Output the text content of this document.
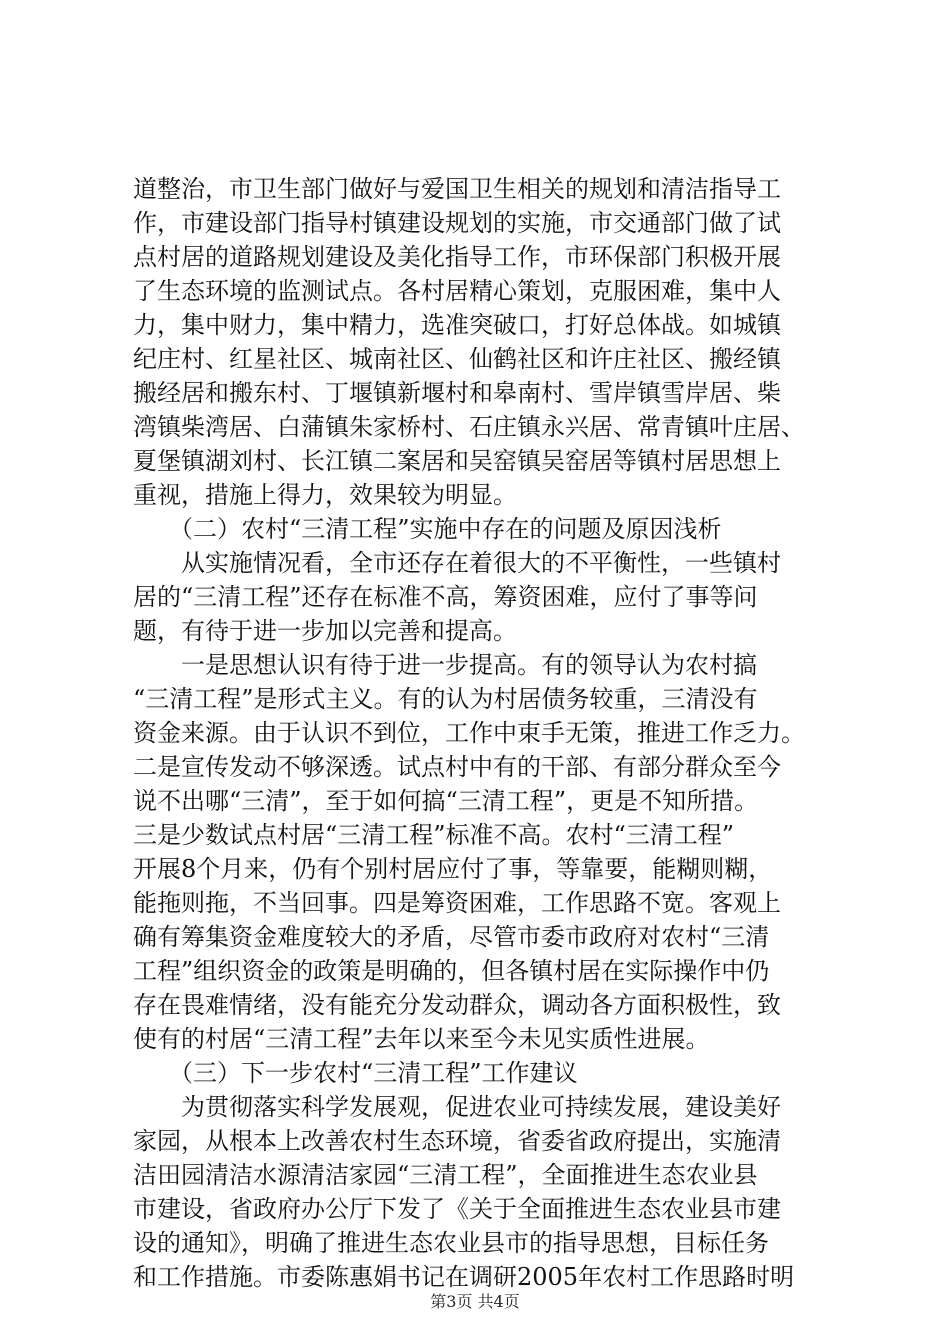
道整治，市卫生部门做好与爱国卫生相关的规划和清洁指导工
作，市建设部门指导村镇建设规划的实施，市交通部门做了试
点村居的道路规划建设及美化指导工作，市环保部门积极开展
了生态环境的监测试点。各村居精心策划，克服困难，集中人
力，集中财力，集中精力，选准突破口，打好总体战。如城镇
纪庄村、红星社区、城南社区、仙鹤社区和许庄社区、搬经镇
搬经居和搬东村、丁堰镇新堰村和皋南村、雪岸镇雪岸居、柴
湾镇柴湾居、白蒲镇朱家桥村、石庄镇永兴居、常青镇叶庄居、
夏堡镇湖刘村、长江镇二案居和吴窑镇吴窑居等镇村居思想上
重视，措施上得力，效果较为明显。
　　（二）农村“三清工程”实施中存在的问题及原因浅析
　　从实施情况看，全市还存在着很大的不平衡性，一些镇村
居的“三清工程”还存在标准不高，筹资困难，应付了事等问
题，有待于进一步加以完善和提高。
　　一是思想认识有待于进一步提高。有的领导认为农村搞
“三清工程”是形式主义。有的认为村居债务较重，三清没有
资金来源。由于认识不到位，工作中束手无策，推进工作乏力。
二是宣传发动不够深透。试点村中有的干部、有部分群众至今
说不出哪“三清”，至于如何搞“三清工程”，更是不知所措。
三是少数试点村居“三清工程”标准不高。农村“三清工程”
开展8个月来，仍有个别村居应付了事，等靠要，能糊则糊，
能拖则拖，不当回事。四是筹资困难，工作思路不宽。客观上
确有筹集资金难度较大的矛盾，尽管市委市政府对农村“三清
工程”组织资金的政策是明确的，但各镇村居在实际操作中仍
存在畏难情绪，没有能充分发动群众，调动各方面积极性，致
使有的村居“三清工程”去年以来至今未见实质性进展。
　　（三）下一步农村“三清工程”工作建议
　　为贯彻落实科学发展观，促进农业可持续发展，建设美好
家园，从根本上改善农村生态环境，省委省政府提出，实施清
洁田园清洁水源清洁家园“三清工程”，全面推进生态农业县
市建设，省政府办公厅下发了《关于全面推进生态农业县市建
设的通知》，明确了推进生态农业县市的指导思想，目标任务
和工作措施。市委陈惠娟书记在调研2005年农村工作思路时明
第3页 共4页
